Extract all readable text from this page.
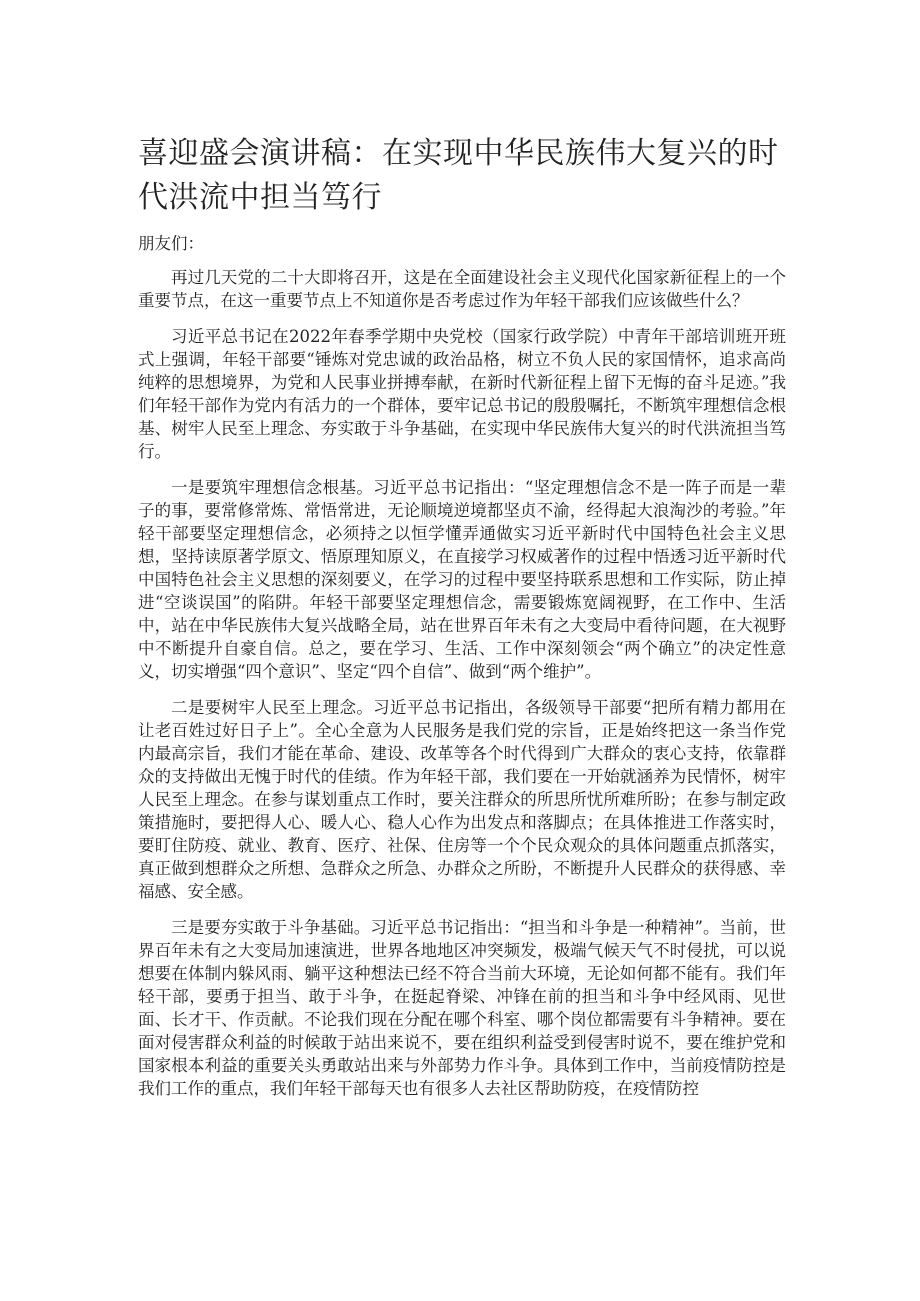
喜迎盛会演讲稿：在实现中华民族伟大复兴的时代洪流中担当笃行

朋友们：

再过几天党的二十大即将召开，这是在全面建设社会主义现代化国家新征程上的一个重要节点，在这一重要节点上不知道你是否考虑过作为年轻干部我们应该做些什么？

习近平总书记在2022年春季学期中央党校（国家行政学院）中青年干部培训班开班式上强调，年轻干部要“锤炼对党忠诚的政治品格，树立不负人民的家国情怀，追求高尚纯粹的思想境界，为党和人民事业拼搏奉献，在新时代新征程上留下无悔的奋斗足迹。”我们年轻干部作为党内有活力的一个群体，要牢记总书记的殷殷嘱托，不断筑牢理想信念根基、树牢人民至上理念、夯实敢于斗争基础，在实现中华民族伟大复兴的时代洪流担当笃行。

一是要筑牢理想信念根基。习近平总书记指出：“坚定理想信念不是一阵子而是一辈子的事，要常修常炼、常悟常进，无论顺境逆境都坚贞不渝，经得起大浪淘沙的考验。”年轻干部要坚定理想信念，必须持之以恒学懂弄通做实习近平新时代中国特色社会主义思想，坚持读原著学原文、悟原理知原义，在直接学习权威著作的过程中悟透习近平新时代中国特色社会主义思想的深刻要义，在学习的过程中要坚持联系思想和工作实际，防止掉进“空谈误国”的陷阱。年轻干部要坚定理想信念，需要锻炼宽阔视野，在工作中、生活中，站在中华民族伟大复兴战略全局，站在世界百年未有之大变局中看待问题，在大视野中不断提升自豪自信。总之，要在学习、生活、工作中深刻领会“两个确立”的决定性意义，切实增强“四个意识”、坚定“四个自信”、做到“两个维护”。

二是要树牢人民至上理念。习近平总书记指出，各级领导干部要“把所有精力都用在让老百姓过好日子上”。全心全意为人民服务是我们党的宗旨，正是始终把这一条当作党内最高宗旨，我们才能在革命、建设、改革等各个时代得到广大群众的衷心支持，依靠群众的支持做出无愧于时代的佳绩。作为年轻干部，我们要在一开始就涵养为民情怀，树牢人民至上理念。在参与谋划重点工作时，要关注群众的所思所忧所难所盼；在参与制定政策措施时，要把得人心、暖人心、稳人心作为出发点和落脚点；在具体推进工作落实时，要盯住防疫、就业、教育、医疗、社保、住房等一个个民众观众的具体问题重点抓落实，真正做到想群众之所想、急群众之所急、办群众之所盼，不断提升人民群众的获得感、幸福感、安全感。

三是要夯实敢于斗争基础。习近平总书记指出：“担当和斗争是一种精神”。当前，世界百年未有之大变局加速演进，世界各地地区冲突频发，极端气候天气不时侵扰，可以说想要在体制内躲风雨、躺平这种想法已经不符合当前大环境，无论如何都不能有。我们年轻干部，要勇于担当、敢于斗争，在挺起脊梁、冲锋在前的担当和斗争中经风雨、见世面、长才干、作贡献。不论我们现在分配在哪个科室、哪个岗位都需要有斗争精神。要在面对侵害群众利益的时候敢于站出来说不，要在组织利益受到侵害时说不，要在维护党和国家根本利益的重要关头勇敢站出来与外部势力作斗争。具体到工作中，当前疫情防控是我们工作的重点，我们年轻干部每天也有很多人去社区帮助防疫，在疫情防控
